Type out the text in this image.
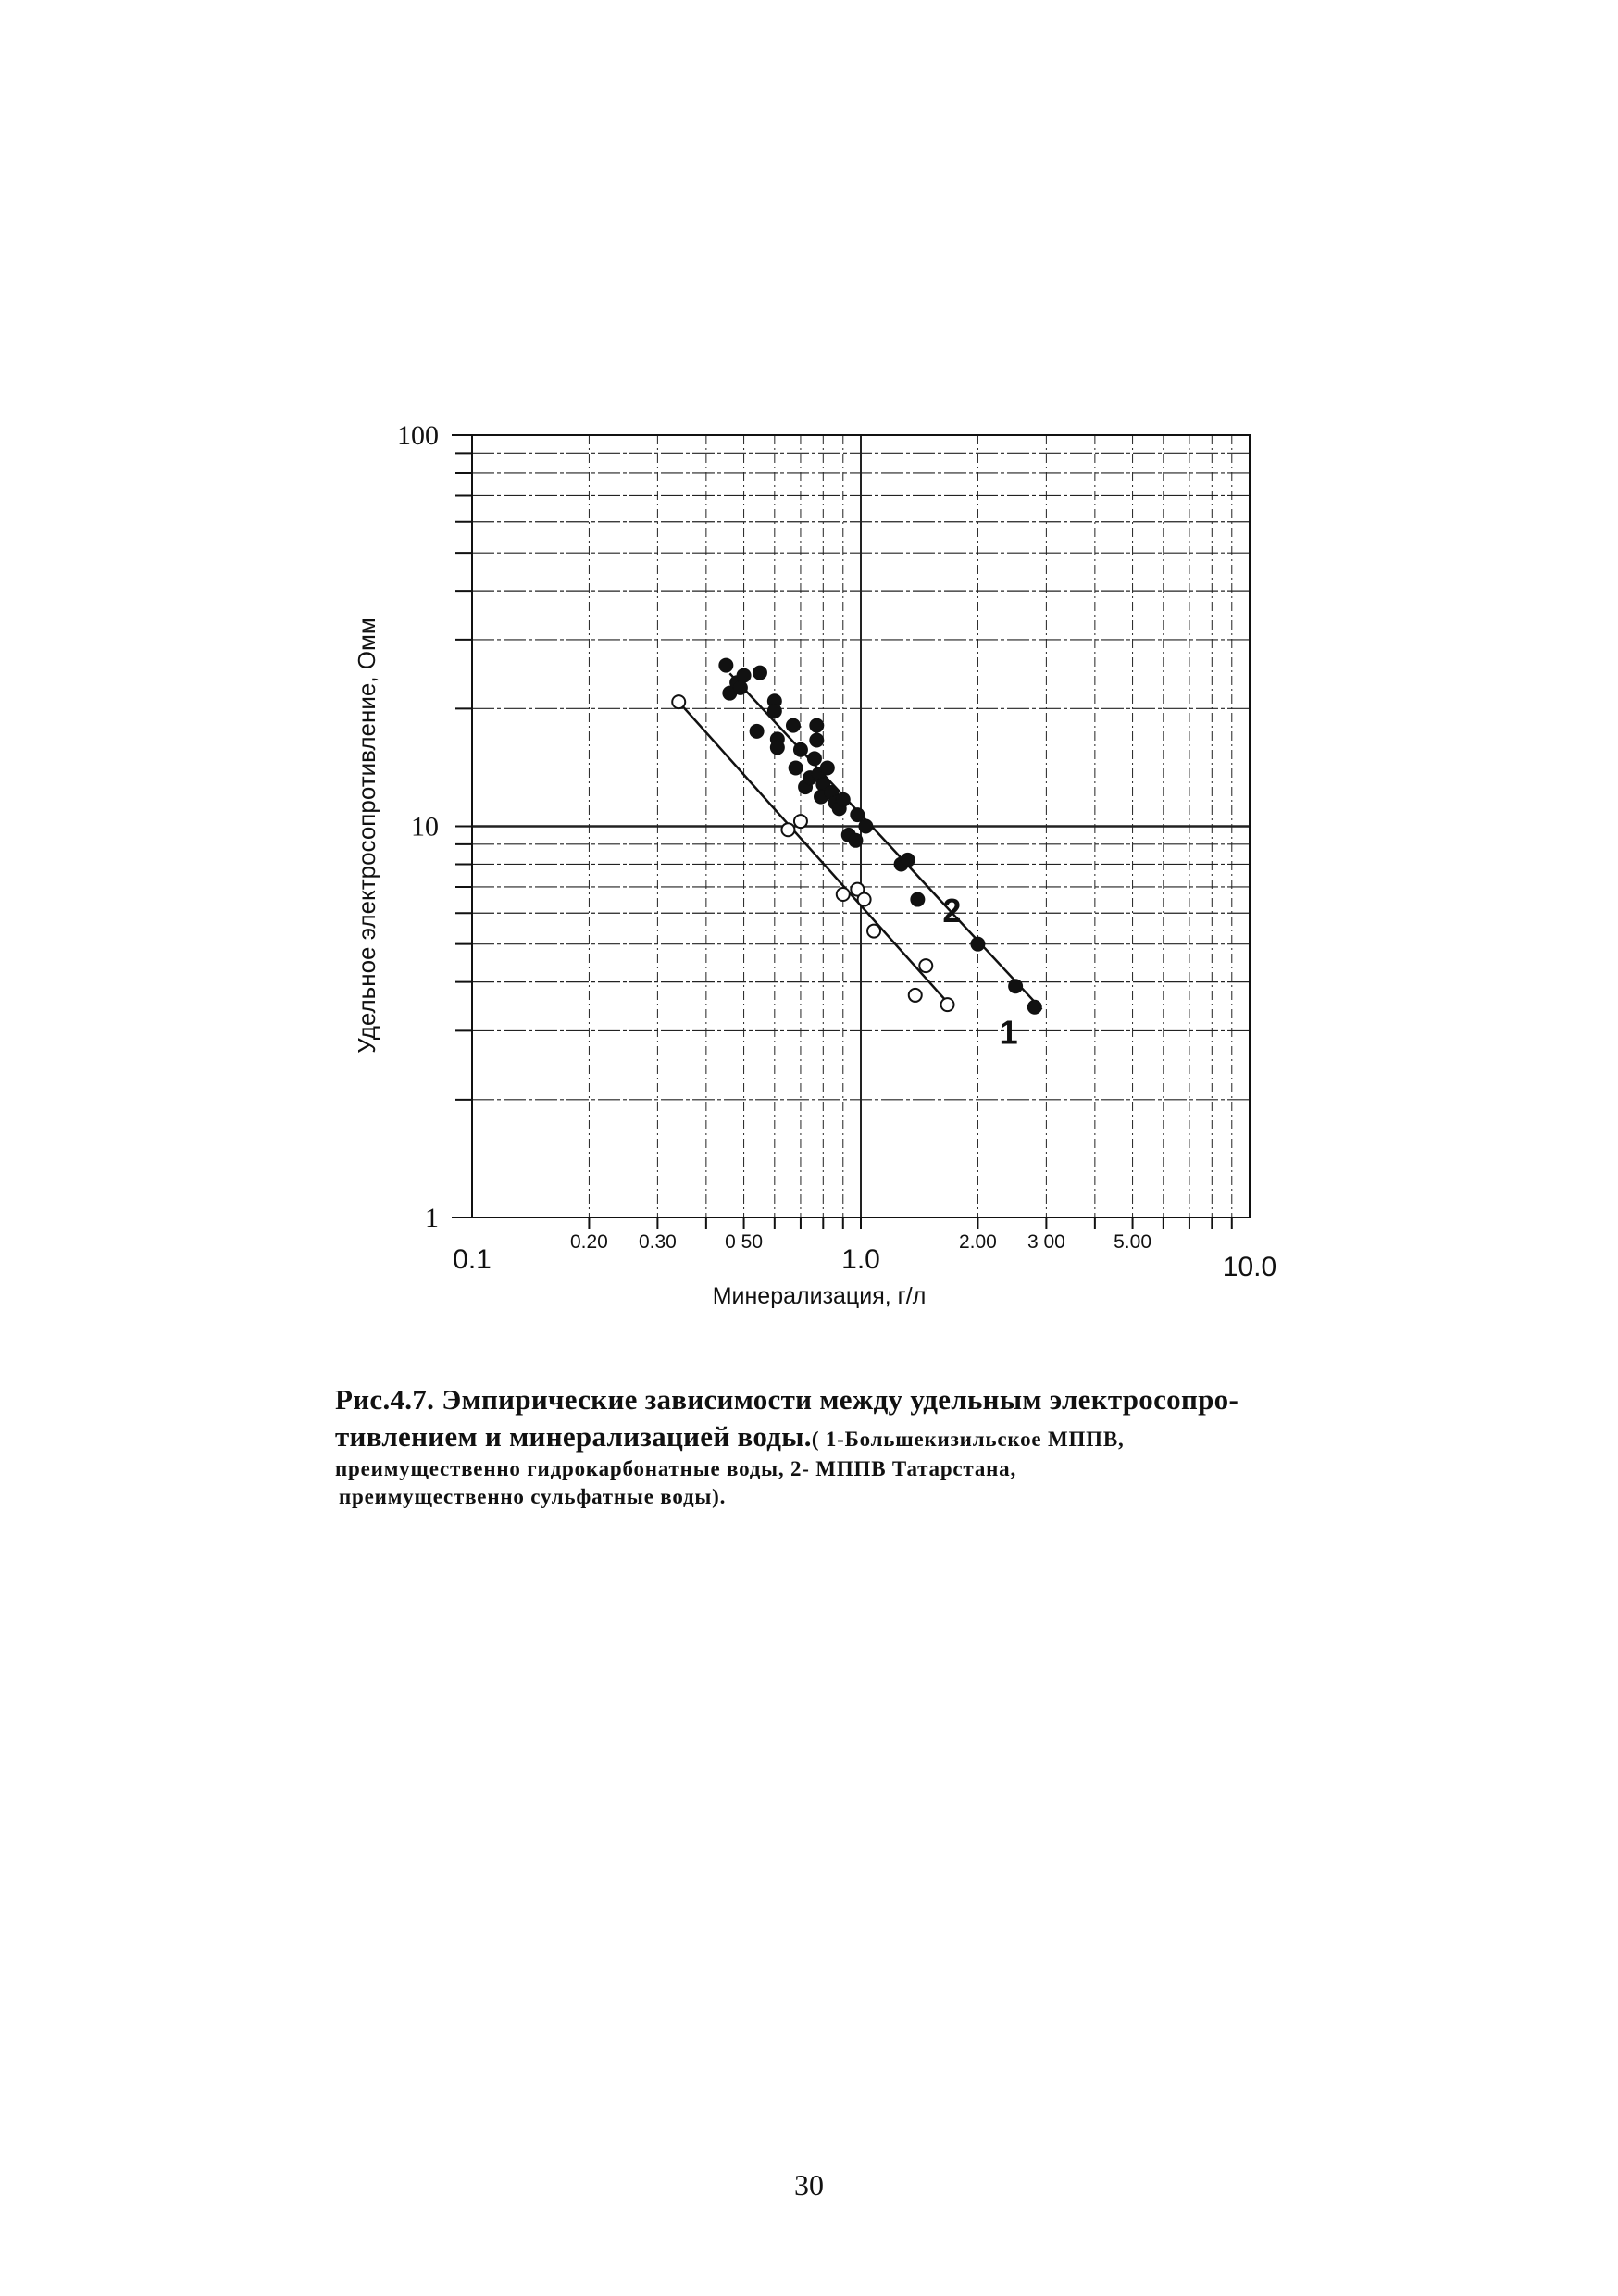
0.1
0.20 0.30 0 50
1.0
2.00 3 00 5.00
10.0
100
10
1
2
1
Минерализация, г/л
Удельное электросопротивление, Омм
Рис.4.7. Эмпирические зависимости между удельным электросопро-
тивлением и минерализацией воды.( 1-Большекизильское МППВ,
преимущественно гидрокарбонатные воды, 2- МППВ Татарстана,
преимущественно сульфатные воды).
30
